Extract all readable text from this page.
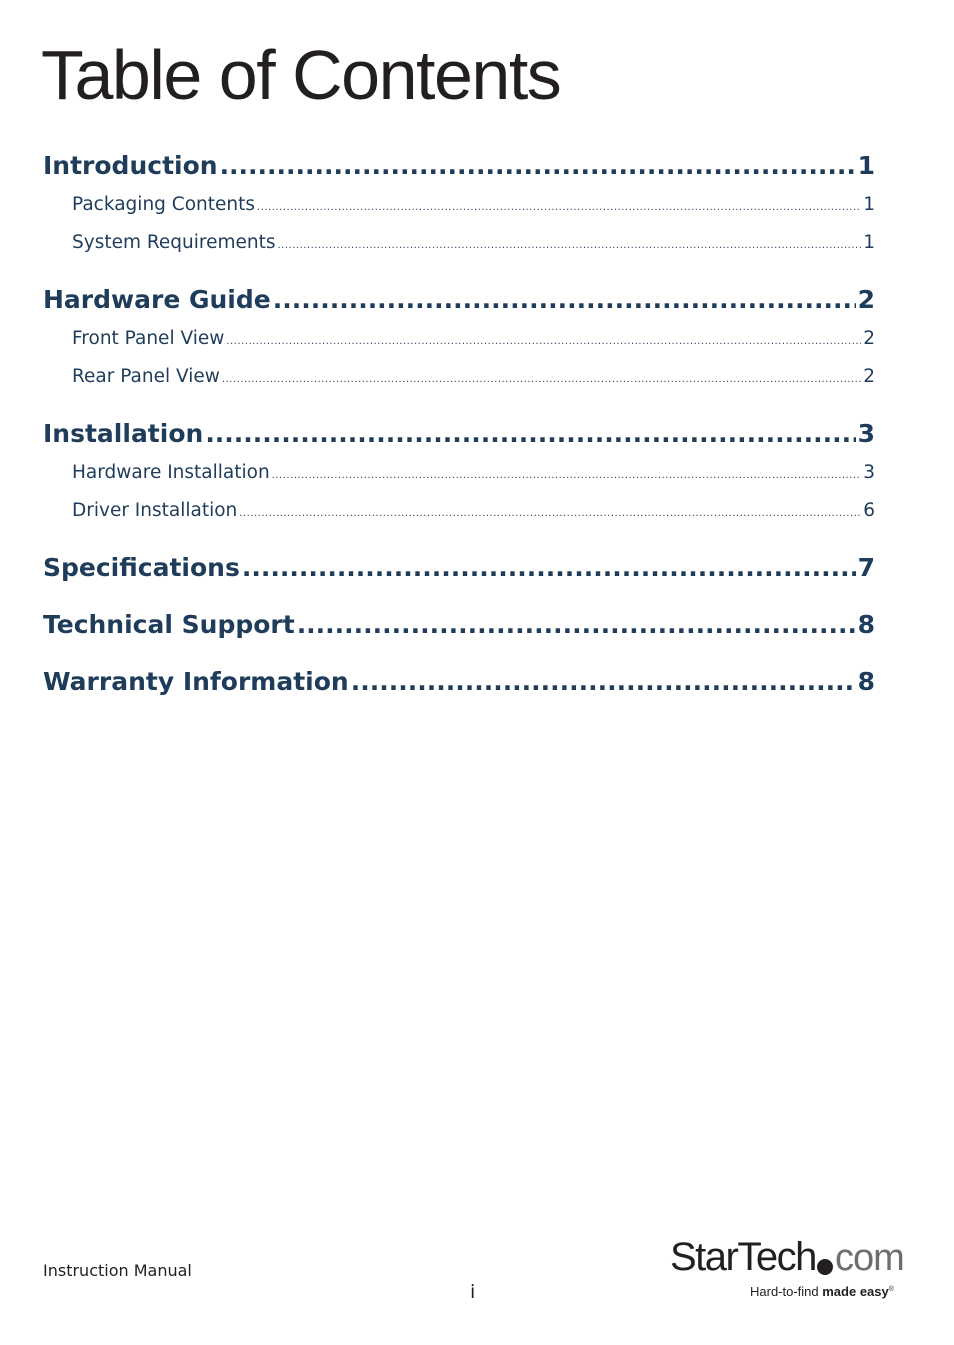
Table of Contents
Introduction .....	1
Packaging Contents .....	1
System Requirements .....	1
Hardware Guide .....	2
Front Panel View .....	2
Rear Panel View .....	2
Installation .....	3
Hardware Installation .....	3
Driver Installation .....	6
Specifications .....	7
Technical Support .....	8
Warranty Information .....	8
Instruction Manual
i
StarTech com
Hard-to-find made easy®
